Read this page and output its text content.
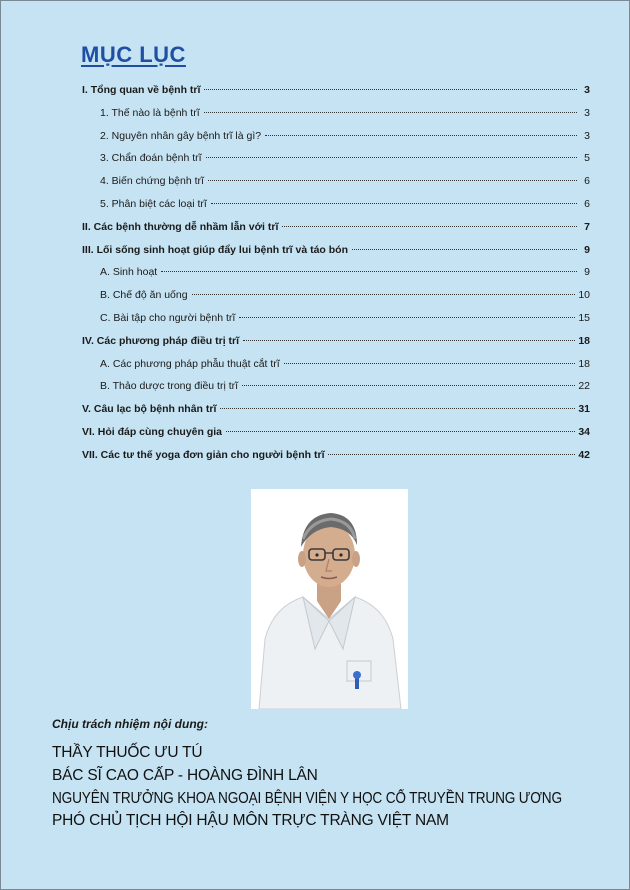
MỤC LỤC
I. Tổng quan về bệnh trĩ	3
1. Thế nào là bệnh trĩ	3
2. Nguyên nhân gây bệnh trĩ là gì?	3
3. Chẩn đoán bệnh trĩ	5
4. Biến chứng bệnh trĩ	6
5. Phân biệt các loại trĩ	6
II. Các bệnh thường dễ nhầm lẫn với trĩ	7
III. Lối sống sinh hoạt giúp đẩy lui bệnh trĩ và táo bón	9
A. Sinh hoạt	9
B. Chế độ ăn uống	10
C. Bài tập cho người bệnh trĩ	15
IV. Các phương pháp điều trị trĩ	18
A. Các phương pháp phẫu thuật cắt trĩ	18
B. Thảo dược trong điều trị trĩ	22
V. Câu lạc bộ bệnh nhân trĩ	31
VI. Hỏi đáp cùng chuyên gia	34
VII. Các tư thế yoga đơn giản cho người bệnh trĩ	42
Chịu trách nhiệm nội dung:
THẦY THUỐC ƯU TÚ
BÁC SĨ CAO CẤP - HOÀNG ĐÌNH LÂN
NGUYÊN TRƯỞNG KHOA NGOẠI BỆNH VIỆN Y HỌC CỔ TRUYỀN TRUNG ƯƠNG
PHÓ CHỦ TỊCH HỘI HẬU MÔN TRỰC TRÀNG VIỆT NAM
